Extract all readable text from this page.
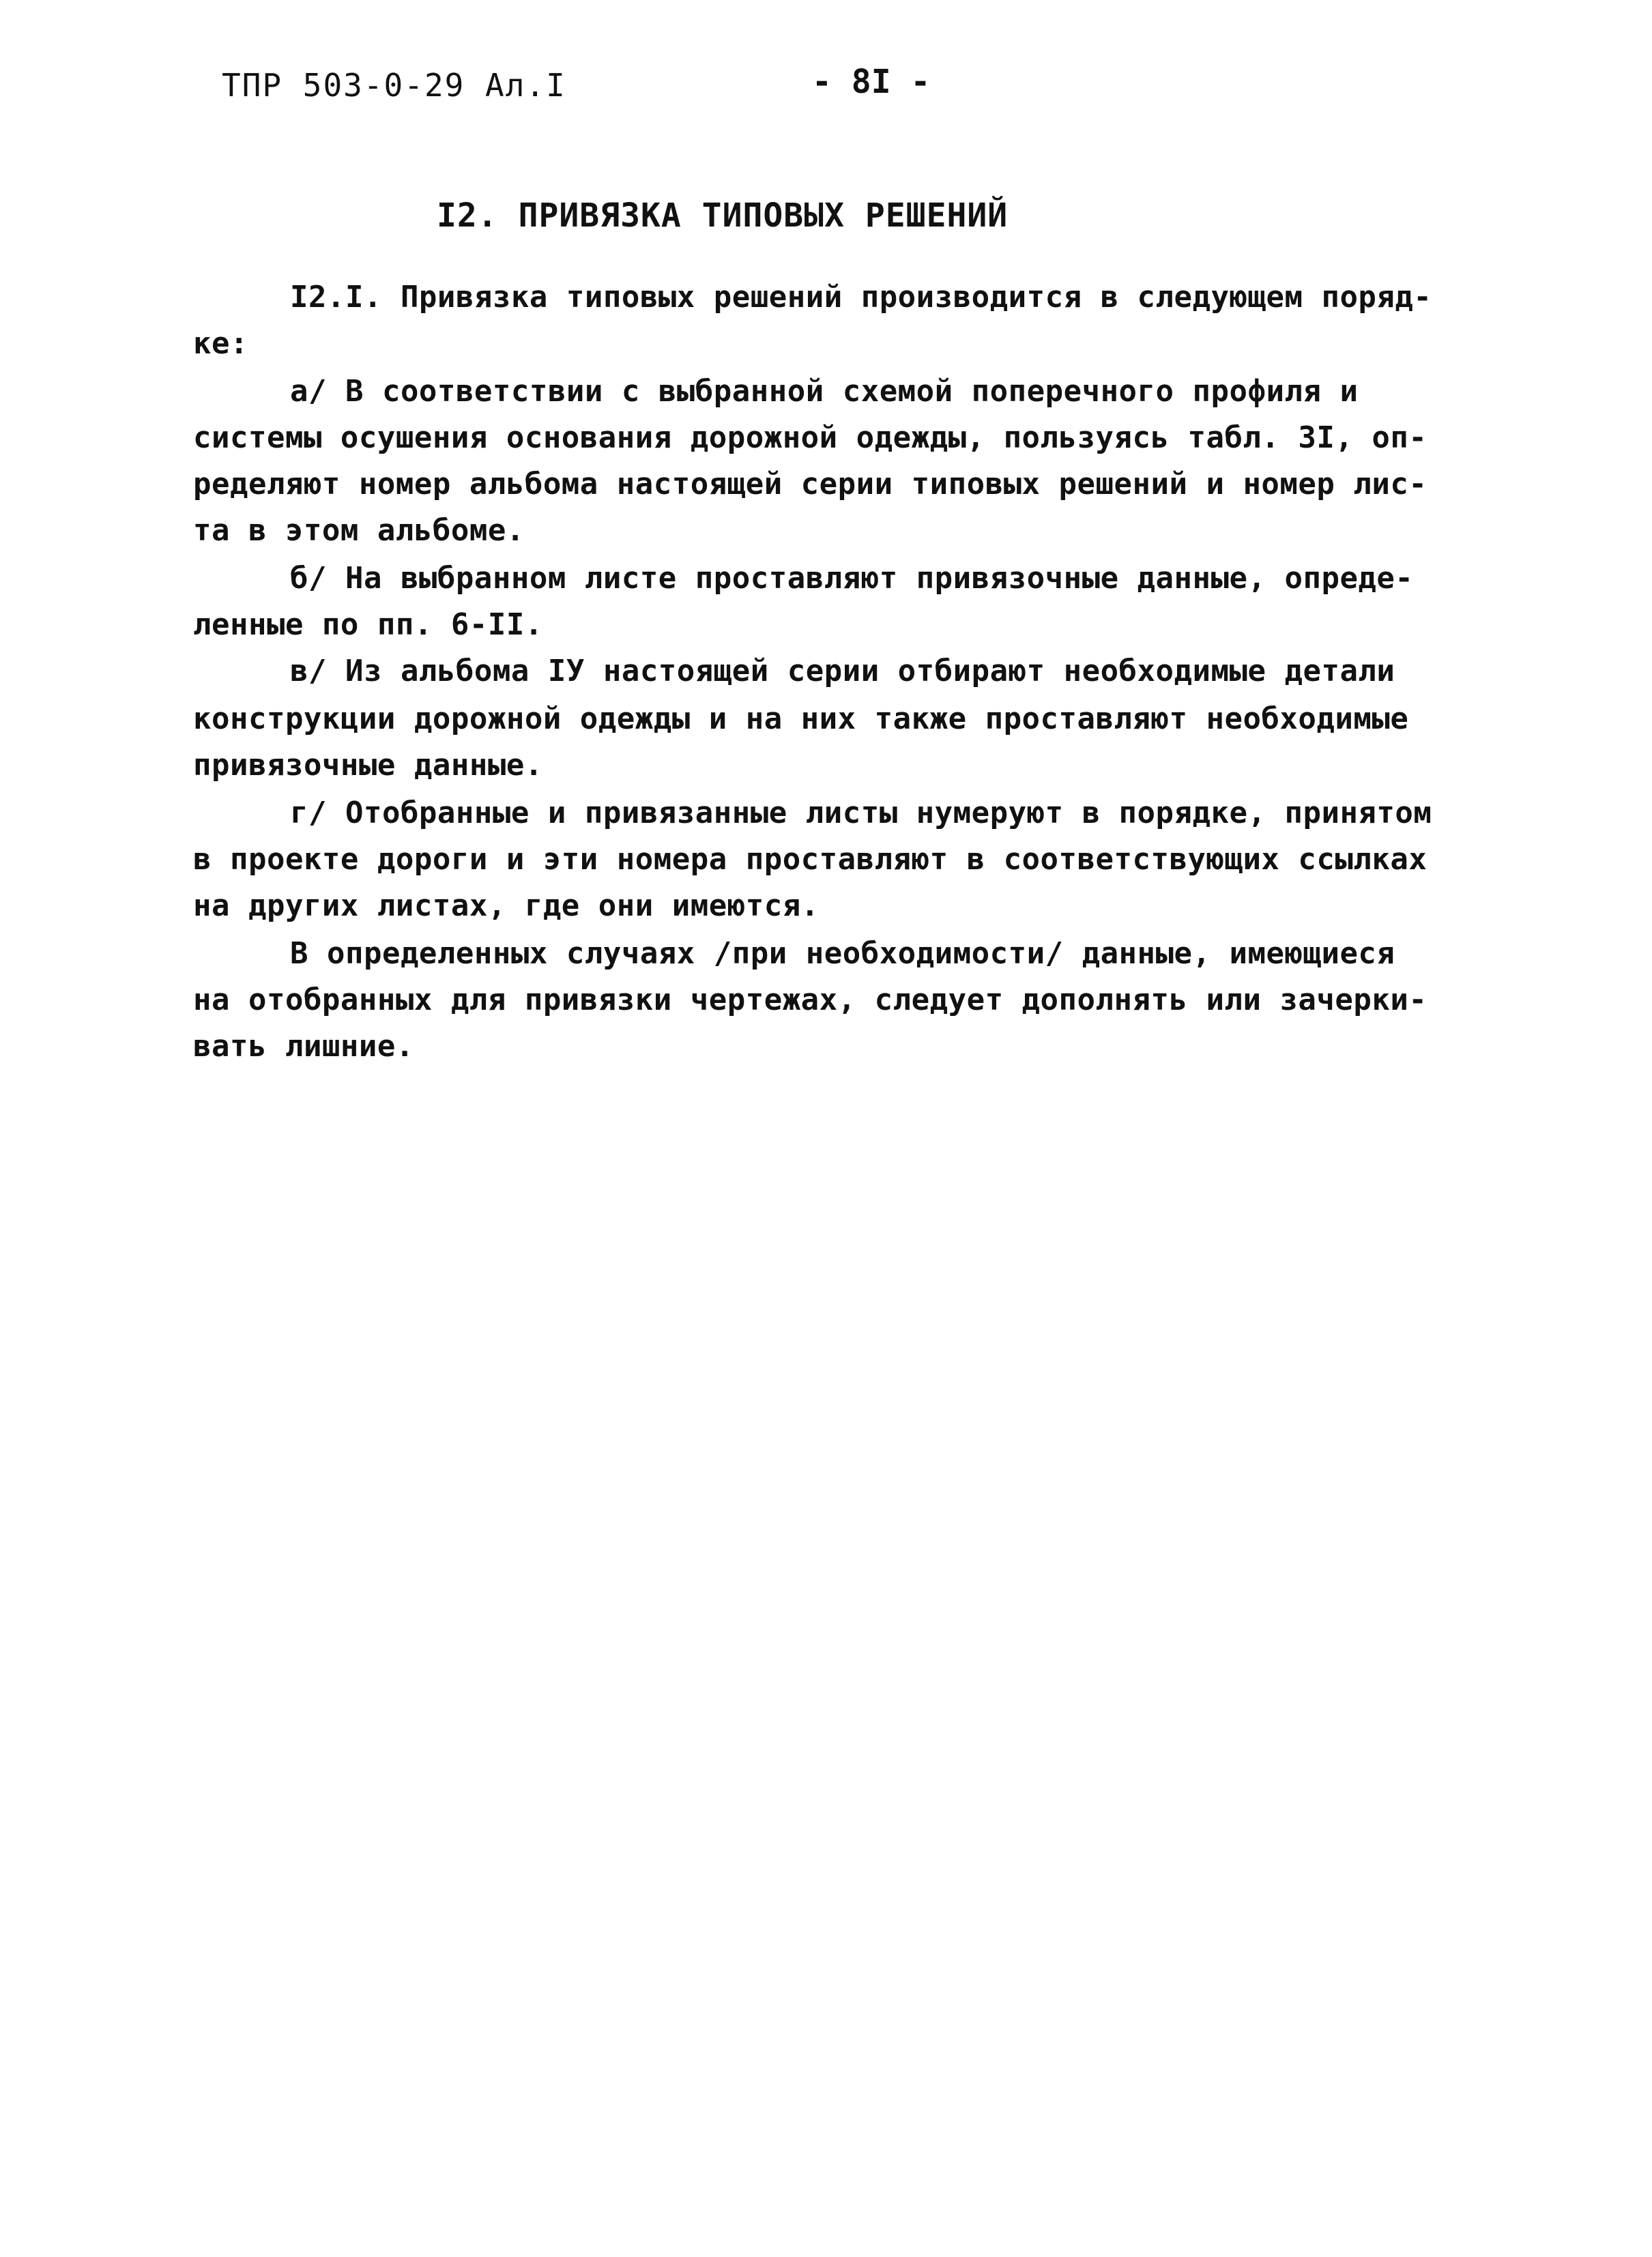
ТПР 503-0-29 Ал.I	- 8I -
I2. ПРИВЯЗКА ТИПОВЫХ РЕШЕНИЙ
I2.I. Привязка типовых решений производится в следующем поряд-
ке:
а/ В соответствии с выбранной схемой поперечного профиля и
системы осушения основания дорожной одежды, пользуясь табл. 3I, оп-
ределяют номер альбома настоящей серии типовых решений и номер лис-
та в этом альбоме.
б/ На выбранном листе проставляют привязочные данные, опреде-
ленные по пп. 6-II.
в/ Из альбома IУ настоящей серии отбирают необходимые детали
конструкции дорожной одежды и на них также проставляют необходимые
привязочные данные.
г/ Отобранные и привязанные листы нумеруют в порядке, принятом
в проекте дороги и эти номера проставляют в соответствующих ссылках
на других листах, где они имеются.
В определенных случаях /при необходимости/ данные, имеющиеся
на отобранных для привязки чертежах, следует дополнять или зачерки-
вать лишние.
